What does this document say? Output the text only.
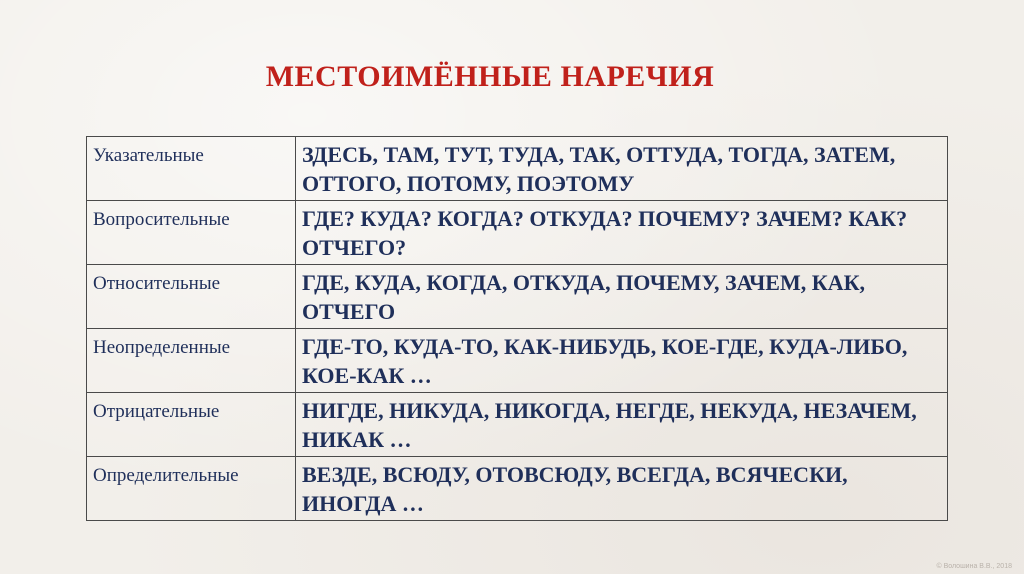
МЕСТОИМЁННЫЕ НАРЕЧИЯ
Указательные	ЗДЕСЬ, ТАМ, ТУТ, ТУДА, ТАК, ОТТУДА, ТОГДА, ЗАТЕМ, ОТТОГО, ПОТОМУ, ПОЭТОМУ
Вопросительные	ГДЕ? КУДА? КОГДА? ОТКУДА? ПОЧЕМУ? ЗАЧЕМ? КАК? ОТЧЕГО?
Относительные	ГДЕ, КУДА, КОГДА, ОТКУДА, ПОЧЕМУ, ЗАЧЕМ, КАК, ОТЧЕГО
Неопределенные	ГДЕ-ТО, КУДА-ТО, КАК-НИБУДЬ, КОЕ-ГДЕ, КУДА-ЛИБО, КОЕ-КАК …
Отрицательные	НИГДЕ, НИКУДА, НИКОГДА, НЕГДЕ, НЕКУДА, НЕЗАЧЕМ, НИКАК …
Определительные	ВЕЗДЕ, ВСЮДУ, ОТОВСЮДУ, ВСЕГДА, ВСЯЧЕСКИ, ИНОГДА …
© Волошина В.В., 2018
